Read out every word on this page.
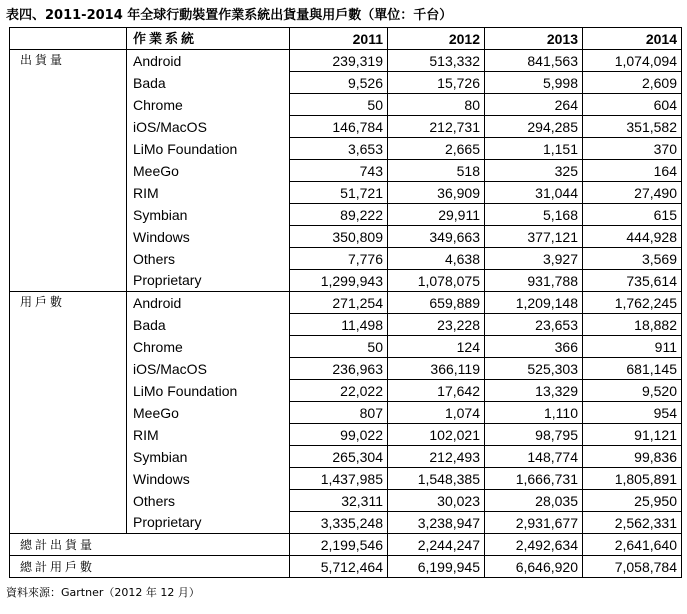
表四、2011-2014 年全球行動裝置作業系統出貨量與用戶數（單位：千台）
	作業系統	2011	2012	2013	2014
出貨量	Android	239,319	513,332	841,563	1,074,094
	Bada	9,526	15,726	5,998	2,609
	Chrome	50	80	264	604
	iOS/MacOS	146,784	212,731	294,285	351,582
	LiMo Foundation	3,653	2,665	1,151	370
	MeeGo	743	518	325	164
	RIM	51,721	36,909	31,044	27,490
	Symbian	89,222	29,911	5,168	615
	Windows	350,809	349,663	377,121	444,928
	Others	7,776	4,638	3,927	3,569
	Proprietary	1,299,943	1,078,075	931,788	735,614
用戶數	Android	271,254	659,889	1,209,148	1,762,245
	Bada	11,498	23,228	23,653	18,882
	Chrome	50	124	366	911
	iOS/MacOS	236,963	366,119	525,303	681,145
	LiMo Foundation	22,022	17,642	13,329	9,520
	MeeGo	807	1,074	1,110	954
	RIM	99,022	102,021	98,795	91,121
	Symbian	265,304	212,493	148,774	99,836
	Windows	1,437,985	1,548,385	1,666,731	1,805,891
	Others	32,311	30,023	28,035	25,950
	Proprietary	3,335,248	3,238,947	2,931,677	2,562,331
總計出貨量		2,199,546	2,244,247	2,492,634	2,641,640
總計用戶數		5,712,464	6,199,945	6,646,920	7,058,784
資料來源：Gartner（2012 年 12 月）
